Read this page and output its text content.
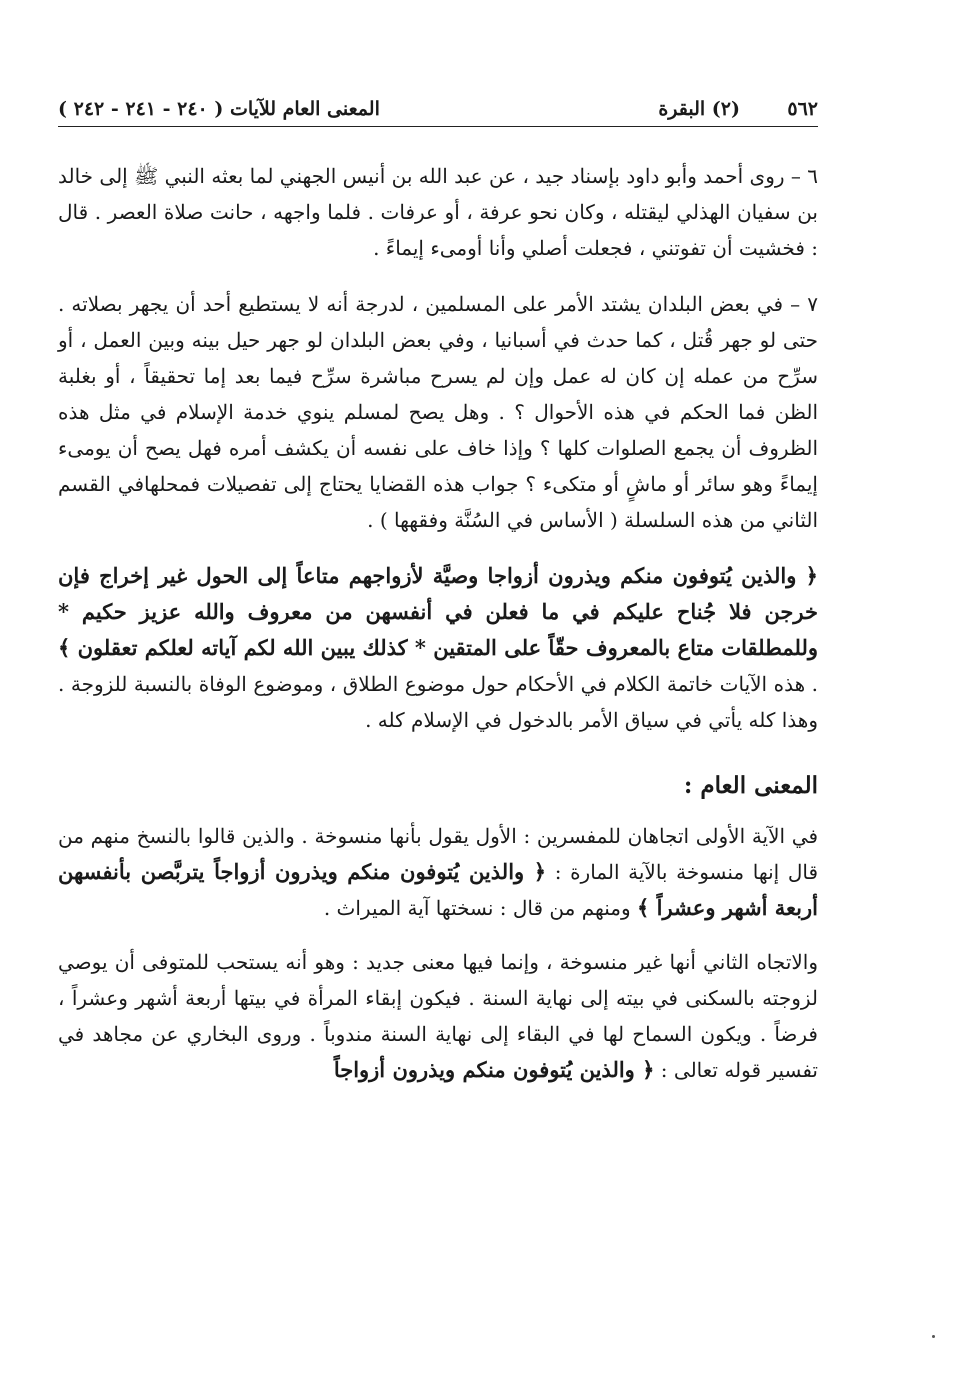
٥٦٢
(٢) البقرة
المعنى العام للآيات ( ٢٤٠ - ٢٤١ - ٢٤٢ )

٦ – روى أحمد وأبو داود بإسناد جيد ، عن عبد الله بن أنيس الجهني لما بعثه النبي ﷺ إلى خالد بن سفيان الهذلي ليقتله ، وكان نحو عرفة ، أو عرفات . فلما واجهه ، حانت صلاة العصر . قال : فخشيت أن تفوتني ، فجعلت أصلي وأنا أومىء إيماءً .

٧ – في بعض البلدان يشتد الأمر على المسلمين ، لدرجة أنه لا يستطيع أحد أن يجهر بصلاته . حتى لو جهر قُتل ، كما حدث في أسبانيا ، وفي بعض البلدان لو جهر حيل بينه وبين العمل ، أو سرِّح من عمله إن كان له عمل وإن لم يسرح مباشرة سرِّح فيما بعد إما تحقيقاً ، أو بغلبة الظن فما الحكم في هذه الأحوال ؟ . وهل يصح لمسلم ينوي خدمة الإسلام في مثل هذه الظروف أن يجمع الصلوات كلها ؟ وإذا خاف على نفسه أن يكشف أمره فهل يصح أن يومىء إيماءً وهو سائر أو ماشٍ أو متكىء ؟ جواب هذه القضايا يحتاج إلى تفصيلات فمحلهافي القسم الثاني من هذه السلسلة ( الأساس في السُنَّة وفقهها ) .

﴿ والذين يُتوفون منكم ويذرون أزواجا وصيَّة لأزواجهم متاعاً إلى الحول غير إخراج فإن خرجن فلا جُناح عليكم في ما فعلن في أنفسهن من معروف والله عزيز حكيم * وللمطلقات متاع بالمعروف حقّاً على المتقين * كذلك يبين الله لكم آياته لعلكم تعقلون ﴾ . هذه الآيات خاتمة الكلام في الأحكام حول موضوع الطلاق ، وموضوع الوفاة بالنسبة للزوجة . وهذا كله يأتي في سياق الأمر بالدخول في الإسلام كله .

المعنى العام :

في الآية الأولى اتجاهان للمفسرين : الأول يقول بأنها منسوخة . والذين قالوا بالنسخ منهم من قال إنها منسوخة بالآية المارة : ﴿ والذين يُتوفون منكم ويذرون أزواجاً يتربَّصن بأنفسهن أربعة أشهر وعشراً ﴾ ومنهم من قال : نسختها آية الميراث .

والاتجاه الثاني أنها غير منسوخة ، وإنما فيها معنى جديد : وهو أنه يستحب للمتوفى أن يوصي لزوجته بالسكنى في بيته إلى نهاية السنة . فيكون إبقاء المرأة في بيتها أربعة أشهر وعشراً ، فرضاً . ويكون السماح لها في البقاء إلى نهاية السنة مندوباً . وروى البخاري عن مجاهد في تفسير قوله تعالى : ﴿ والذين يُتوفون منكم ويذرون أزواجاً
